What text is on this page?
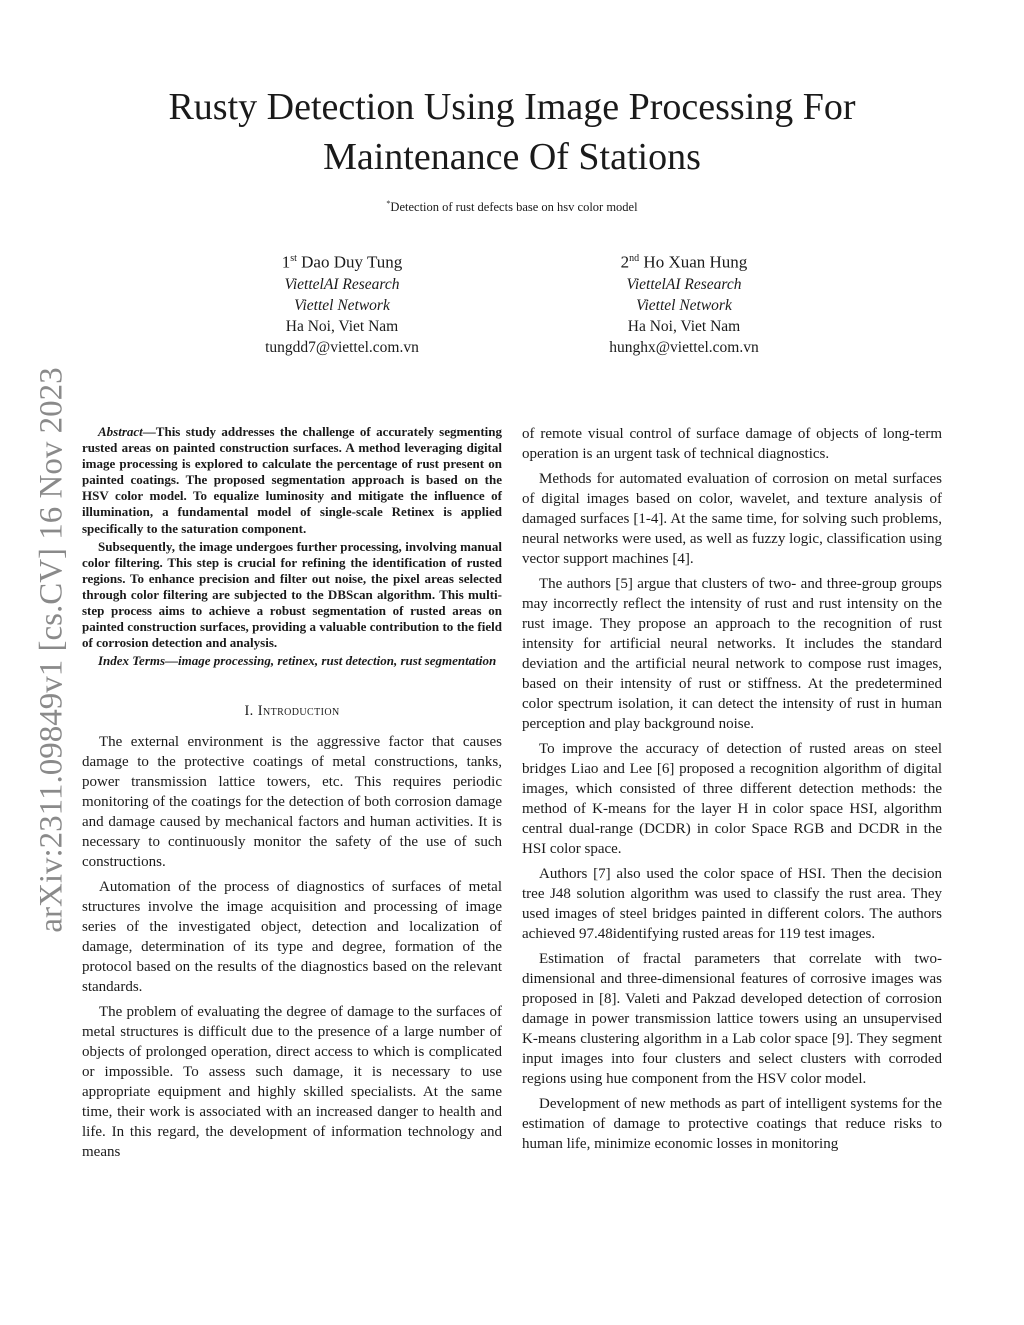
arXiv:2311.09849v1 [cs.CV] 16 Nov 2023
Rusty Detection Using Image Processing For
Maintenance Of Stations
*Detection of rust defects base on hsv color model
1st Dao Duy Tung
ViettelAI Research
Viettel Network
Ha Noi, Viet Nam
tungdd7@viettel.com.vn
2nd Ho Xuan Hung
ViettelAI Research
Viettel Network
Ha Noi, Viet Nam
hunghx@viettel.com.vn

Abstract—This study addresses the challenge of accurately segmenting rusted areas on painted construction surfaces. A method leveraging digital image processing is explored to calculate the percentage of rust present on painted coatings. The proposed segmentation approach is based on the HSV color model. To equalize luminosity and mitigate the influence of illumination, a fundamental model of single-scale Retinex is applied specifically to the saturation component.

Subsequently, the image undergoes further processing, involving manual color filtering. This step is crucial for refining the identification of rusted regions. To enhance precision and filter out noise, the pixel areas selected through color filtering are subjected to the DBScan algorithm. This multi-step process aims to achieve a robust segmentation of rusted areas on painted construction surfaces, providing a valuable contribution to the field of corrosion detection and analysis.

Index Terms—image processing, retinex, rust detection, rust segmentation

I. Introduction

The external environment is the aggressive factor that causes damage to the protective coatings of metal constructions, tanks, power transmission lattice towers, etc. This requires periodic monitoring of the coatings for the detection of both corrosion damage and damage caused by mechanical factors and human activities. It is necessary to continuously monitor the safety of the use of such constructions.

Automation of the process of diagnostics of surfaces of metal structures involve the image acquisition and processing of image series of the investigated object, detection and localization of damage, determination of its type and degree, formation of the protocol based on the results of the diagnostics based on the relevant standards.

The problem of evaluating the degree of damage to the surfaces of metal structures is difficult due to the presence of a large number of objects of prolonged operation, direct access to which is complicated or impossible. To assess such damage, it is necessary to use appropriate equipment and highly skilled specialists. At the same time, their work is associated with an increased danger to health and life. In this regard, the development of information technology and means

of remote visual control of surface damage of objects of long-term operation is an urgent task of technical diagnostics.

Methods for automated evaluation of corrosion on metal surfaces of digital images based on color, wavelet, and texture analysis of damaged surfaces [1-4]. At the same time, for solving such problems, neural networks were used, as well as fuzzy logic, classification using vector support machines [4].

The authors [5] argue that clusters of two- and three-group groups may incorrectly reflect the intensity of rust and rust intensity on the rust image. They propose an approach to the recognition of rust intensity for artificial neural networks. It includes the standard deviation and the artificial neural network to compose rust images, based on their intensity of rust or stiffness. At the predetermined color spectrum isolation, it can detect the intensity of rust in human perception and play background noise.

To improve the accuracy of detection of rusted areas on steel bridges Liao and Lee [6] proposed a recognition algorithm of digital images, which consisted of three different detection methods: the method of K-means for the layer H in color space HSI, algorithm central dual-range (DCDR) in color Space RGB and DCDR in the HSI color space.

Authors [7] also used the color space of HSI. Then the decision tree J48 solution algorithm was used to classify the rust area. They used images of steel bridges painted in different colors. The authors achieved 97.48identifying rusted areas for 119 test images.

Estimation of fractal parameters that correlate with two-dimensional and three-dimensional features of corrosive images was proposed in [8]. Valeti and Pakzad developed detection of corrosion damage in power transmission lattice towers using an unsupervised K-means clustering algorithm in a Lab color space [9]. They segment input images into four clusters and select clusters with corroded regions using hue component from the HSV color model.

Development of new methods as part of intelligent systems for the estimation of damage to protective coatings that reduce risks to human life, minimize economic losses in monitoring
